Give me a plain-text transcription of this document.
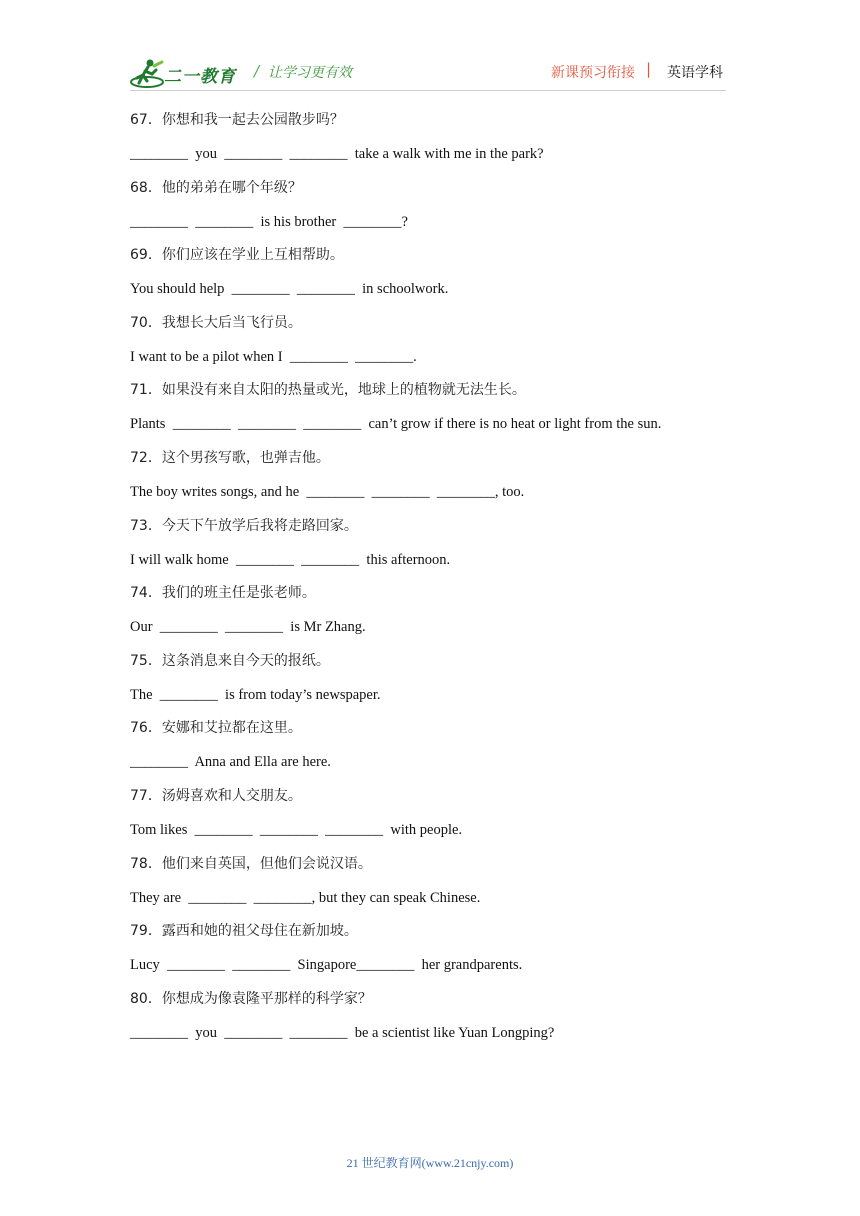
二一教育 / 让学习更有效	新课预习衔接 | 英语学科
67．你想和我一起去公园散步吗？
________  you  ________  ________  take a walk with me in the park?
68．他的弟弟在哪个年级？
________  ________  is his brother  ________?
69．你们应该在学业上互相帮助。
You should help  ________  ________  in schoolwork.
70．我想长大后当飞行员。
I want to be a pilot when I  ________  ________.
71．如果没有来自太阳的热量或光，地球上的植物就无法生长。
Plants  ________  ________  ________  can’t grow if there is no heat or light from the sun.
72．这个男孩写歌，也弹吉他。
The boy writes songs, and he  ________  ________  ________, too.
73．今天下午放学后我将走路回家。
I will walk home  ________  ________  this afternoon.
74．我们的班主任是张老师。
Our  ________  ________  is Mr Zhang.
75．这条消息来自今天的报纸。
The  ________  is from today’s newspaper.
76．安娜和艾拉都在这里。
________  Anna and Ella are here.
77．汤姆喜欢和人交朋友。
Tom likes  ________  ________  ________  with people.
78．他们来自英国，但他们会说汉语。
They are  ________  ________, but they can speak Chinese.
79．露西和她的祖父母住在新加坡。
Lucy  ________  ________  Singapore________  her grandparents.
80．你想成为像袁隆平那样的科学家？
________  you  ________  ________  be a scientist like Yuan Longping?
21 世纪教育网(www.21cnjy.com)
